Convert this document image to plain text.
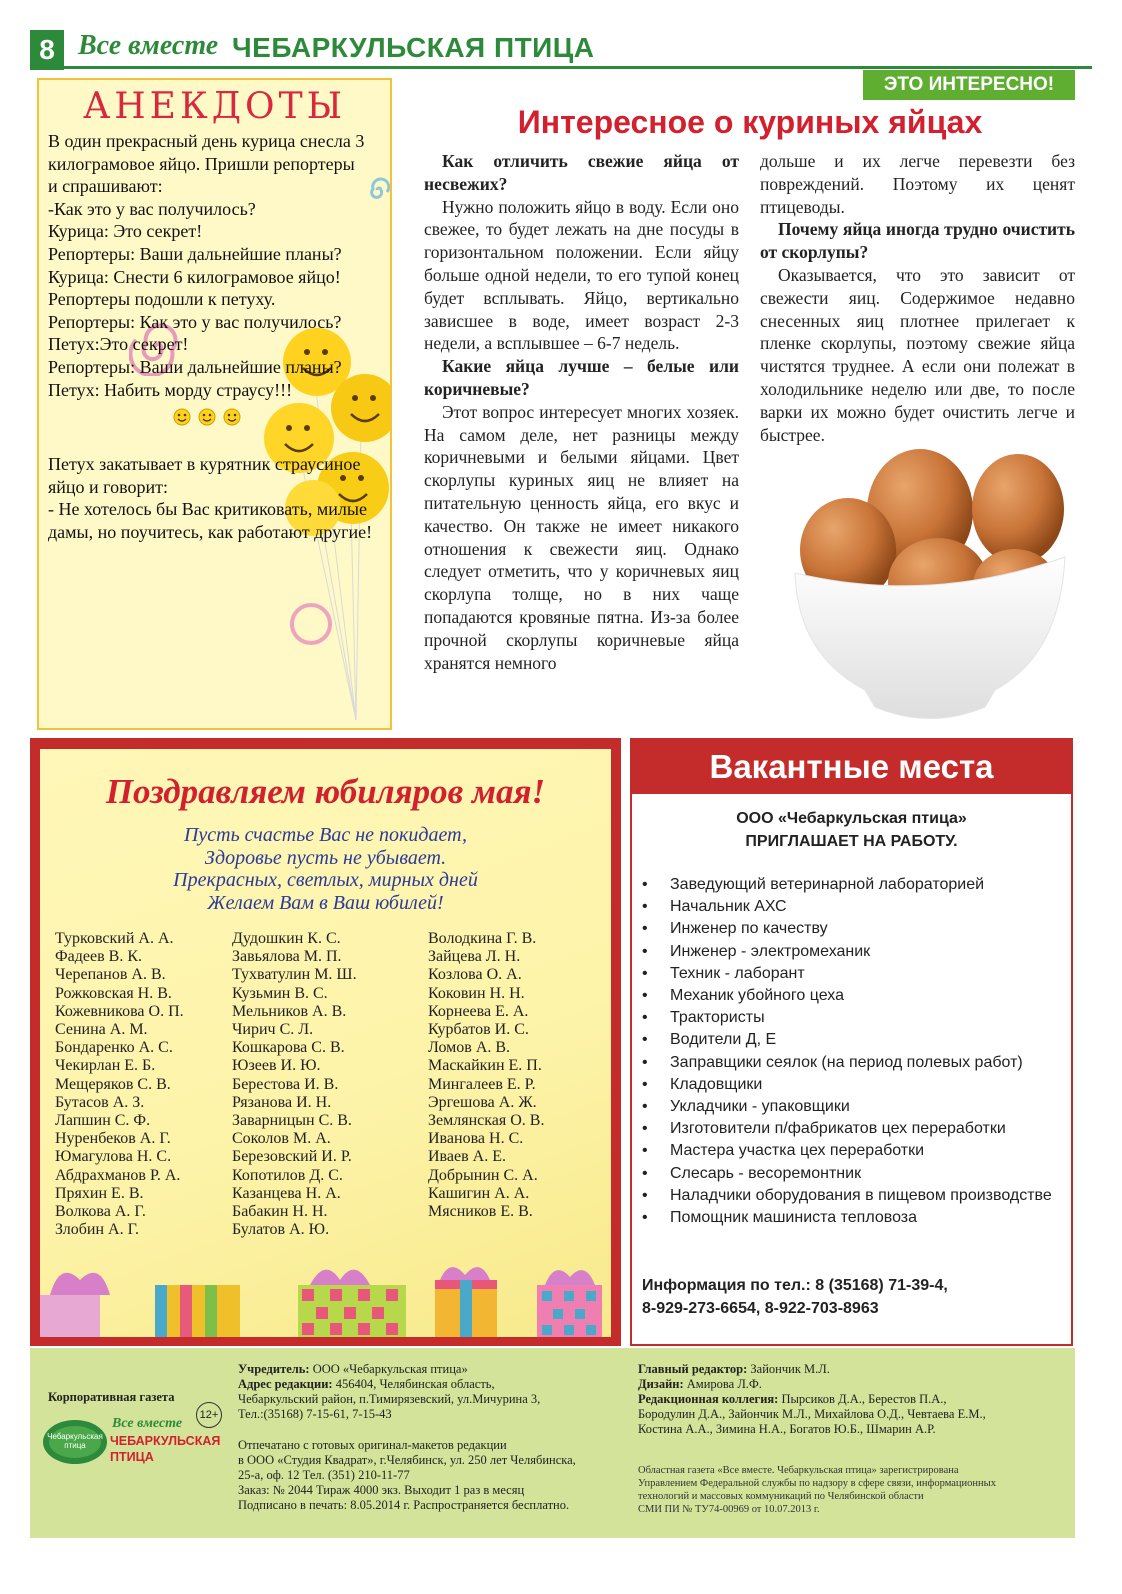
8 Все вместе ЧЕБАРКУЛЬСКАЯ ПТИЦА
ЭТО ИНТЕРЕСНО!
АНЕКДОТЫ

В один прекрасный день курица снесла 3 килограмовое яйцо. Пришли репортеры

и спрашивают:

-Как это у вас получилось?

Курица: Это секрет!

Репортеры: Ваши дальнейшие планы?

Курица: Снести 6 килограмовое яйцо!

Репортеры подошли к петуху.

Репортеры: Как это у вас получилось?

Петух:Это секрет!

Репортеры: Ваши дальнейшие планы?

Петух: Набить морду страусу!!!

Петух закатывает в курятник страусиное яйцо и говорит:

- Не хотелось бы Вас критиковать, милые дамы, но поучитесь, как работают другие!

Интересное о куриных яйцах

Как отличить свежие яйца от несвежих?

Нужно положить яйцо в воду. Если оно свежее, то будет лежать на дне посуды в горизонтальном положении. Если яйцу больше одной недели, то его тупой конец будет всплывать. Яйцо, вертикально зависшее в воде, имеет возраст 2-3 недели, а всплывшее – 6-7 недель.

Какие яйца лучше – белые или коричневые?

Этот вопрос интересует многих хозяек. На самом деле, нет разницы между коричневыми и белыми яйцами. Цвет скорлупы куриных яиц не влияет на питательную ценность яйца, его вкус и качество. Он также не имеет никакого отношения к свежести яиц. Однако следует отметить, что у коричневых яиц скорлупа толще, но в них чаще попадаются кровяные пятна. Из-за более прочной скорлупы коричневые яйца хранятся немного

дольше и их легче перевезти без повреждений. Поэтому их ценят птицеводы.

Почему яйца иногда трудно очистить от скорлупы?

Оказывается, что это зависит от свежести яиц. Содержимое недавно снесенных яиц плотнее прилегает к пленке скорлупы, поэтому свежие яйца чистятся труднее. А если они полежат в холодильнике неделю или две, то после варки их можно будет очистить легче и быстрее.

Поздравляем юбиляров мая!
Пусть счастье Вас не покидает,
Здоровье пусть не убывает.
Прекрасных, светлых, мирных дней
Желаем Вам в Ваш юбилей!
Турковский А. А.
Фадеев В. К.
Черепанов А. В.
Рожковская Н. В.
Кожевникова О. П.
Сенина А. М.
Бондаренко А. С.
Чекирлан Е. Б.
Мещеряков С. В.
Бутасов А. З.
Лапшин С. Ф.
Нуренбеков А. Г.
Юмагулова Н. С.
Абдрахманов Р. А.
Пряхин Е. В.
Волкова А. Г.
Злобин А. Г.
Дудошкин К. С.
Завьялова М. П.
Тухватулин М. Ш.
Кузьмин В. С.
Мельников А. В.
Чирич С. Л.
Кошкарова С. В.
Юзеев И. Ю.
Берестова И. В.
Рязанова И. Н.
Заварницын С. В.
Соколов М. А.
Березовский И. Р.
Копотилов Д. С.
Казанцева Н. А.
Бабакин Н. Н.
Булатов А. Ю.
Володкина Г. В.
Зайцева Л. Н.
Козлова О. А.
Коковин Н. Н.
Корнеева Е. А.
Курбатов И. С.
Ломов А. В.
Маскайкин Е. П.
Мингалеев Е. Р.
Эргешова А. Ж.
Землянская О. В.
Иванова Н. С.
Иваев А. Е.
Добрынин С. А.
Кашигин А. А.
Мясников Е. В.
Вакантные места
ООО «Чебаркульская птица»
ПРИГЛАШАЕТ НА РАБОТУ.
• Заведующий ветеринарной лабораторией
• Начальник АХС
• Инженер по качеству
• Инженер - электромеханик
• Техник - лаборант
• Механик убойного цеха
• Трактористы
• Водители Д, Е
• Заправщики сеялок (на период полевых работ)
• Кладовщики
• Укладчики - упаковщики
• Изготовители п/фабрикатов цех переработки
• Мастера участка цех переработки
• Слесарь - весоремонтник
• Наладчики оборудования в пищевом производстве
• Помощник машиниста тепловоза
Информация по тел.: 8 (35168) 71-39-4,
8-929-273-6654, 8-922-703-8963
Корпоративная газета
12+
Чебаркульская птица
Все вместе
ЧЕБАРКУЛЬСКАЯ
ПТИЦА
Учредитель: ООО «Чебаркульская птица»
Адрес редакции: 456404, Челябинская область,
Чебаркульский район, п.Тимирязевский, ул.Мичурина 3,
Тел.:(35168) 7-15-61, 7-15-43
Отпечатано с готовых оригинал-макетов редакции
в ООО «Студия Квадрат», г.Челябинск, ул. 250 лет Челябинска,
25-а, оф. 12 Тел. (351) 210-11-77
Заказ: № 2044 Тираж 4000 экз. Выходит 1 раз в месяц
Подписано в печать: 8.05.2014 г. Распространяется бесплатно.
Главный редактор: Зайончик М.Л.
Дизайн: Амирова Л.Ф.
Редакционная коллегия: Пырсиков Д.А., Берестов П.А.,
Бородулин Д.А., Зайончик М.Л., Михайлова О.Д., Чевтаева Е.М.,
Костина А.А., Зимина Н.А., Богатов Ю.Б., Шмарин А.Р.
Областная газета «Все вместе. Чебаркульская птица» зарегистрирована
Управлением Федеральной службы по надзору в сфере связи, информационных
технологий и массовых коммуникаций по Челябинской области
СМИ ПИ № ТУ74-00969 от 10.07.2013 г.
